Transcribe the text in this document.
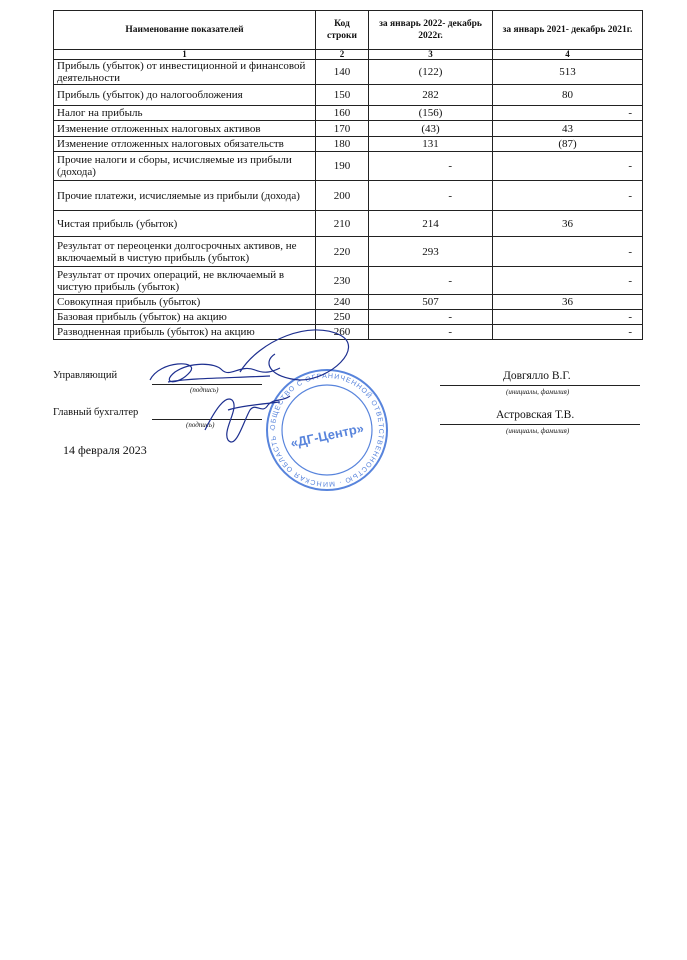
Наименование показателей	Код строки	за январь 2022- декабрь 2022г.	за январь 2021- декабрь 2021г.
1	2	3	4
Прибыль (убыток) от инвестиционной и финансовой деятельности	140	(122)	513
Прибыль (убыток) до налогообложения	150	282	80
Налог на прибыль	160	(156)	-
Изменение отложенных налоговых активов	170	(43)	43
Изменение отложенных налоговых обязательств	180	131	(87)
Прочие налоги и сборы, исчисляемые из прибыли (дохода)	190	-	-
Прочие платежи, исчисляемые из прибыли (дохода)	200	-	-
Чистая прибыль (убыток)	210	214	36
Результат от переоценки долгосрочных активов, не включаемый в чистую прибыль (убыток)	220	293	-
Результат от прочих операций, не включаемый в чистую прибыль (убыток)	230	-	-
Совокупная прибыль (убыток)	240	507	36
Базовая прибыль (убыток) на акцию	250	-	-
Разводненная прибыль (убыток) на акцию	260	-	-
Управляющий
(подпись)
Довгялло В.Г.
(инициалы, фамилия)
Главный бухгалтер
(подпись)
Астровская Т.В.
(инициалы, фамилия)
14 февраля 2023
ОБЩЕСТВО С ОГРАНИЧЕННОЙ ОТВЕТСТВЕННОСТЬЮ · МИНСКАЯ ОБЛАСТЬ · «ДГ-Центр»
